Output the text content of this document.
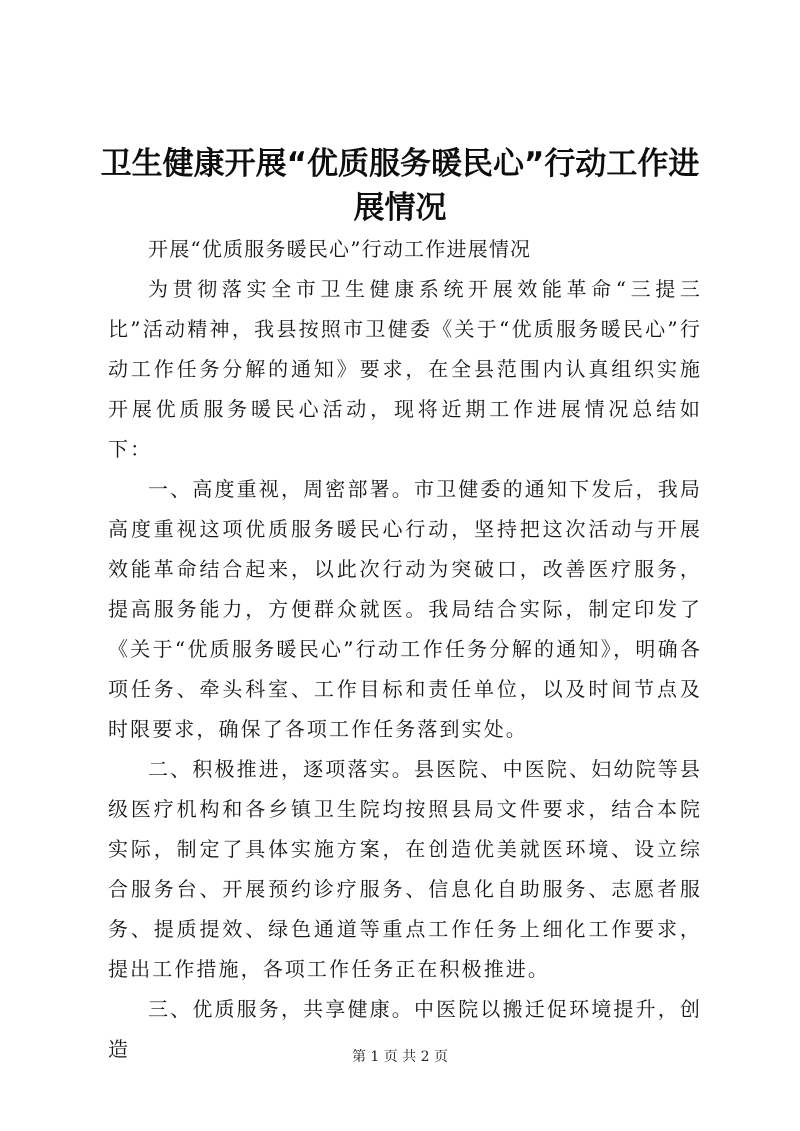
卫生健康开展“优质服务暖民心”行动工作进展情况

开展“优质服务暖民心”行动工作进展情况

为贯彻落实全市卫生健康系统开展效能革命“三提三比”活动精神，我县按照市卫健委《关于“优质服务暖民心”行动工作任务分解的通知》要求，在全县范围内认真组织实施开展优质服务暖民心活动，现将近期工作进展情况总结如下：

一、高度重视，周密部署。市卫健委的通知下发后，我局高度重视这项优质服务暖民心行动，坚持把这次活动与开展效能革命结合起来，以此次行动为突破口，改善医疗服务，提高服务能力，方便群众就医。我局结合实际，制定印发了《关于“优质服务暖民心”行动工作任务分解的通知》，明确各项任务、牵头科室、工作目标和责任单位，以及时间节点及时限要求，确保了各项工作任务落到实处。

二、积极推进，逐项落实。县医院、中医院、妇幼院等县级医疗机构和各乡镇卫生院均按照县局文件要求，结合本院实际，制定了具体实施方案，在创造优美就医环境、设立综合服务台、开展预约诊疗服务、信息化自助服务、志愿者服务、提质提效、绿色通道等重点工作任务上细化工作要求，提出工作措施，各项工作任务正在积极推进。

三、优质服务，共享健康。中医院以搬迁促环境提升，创造	第 1 页 共 2 页
